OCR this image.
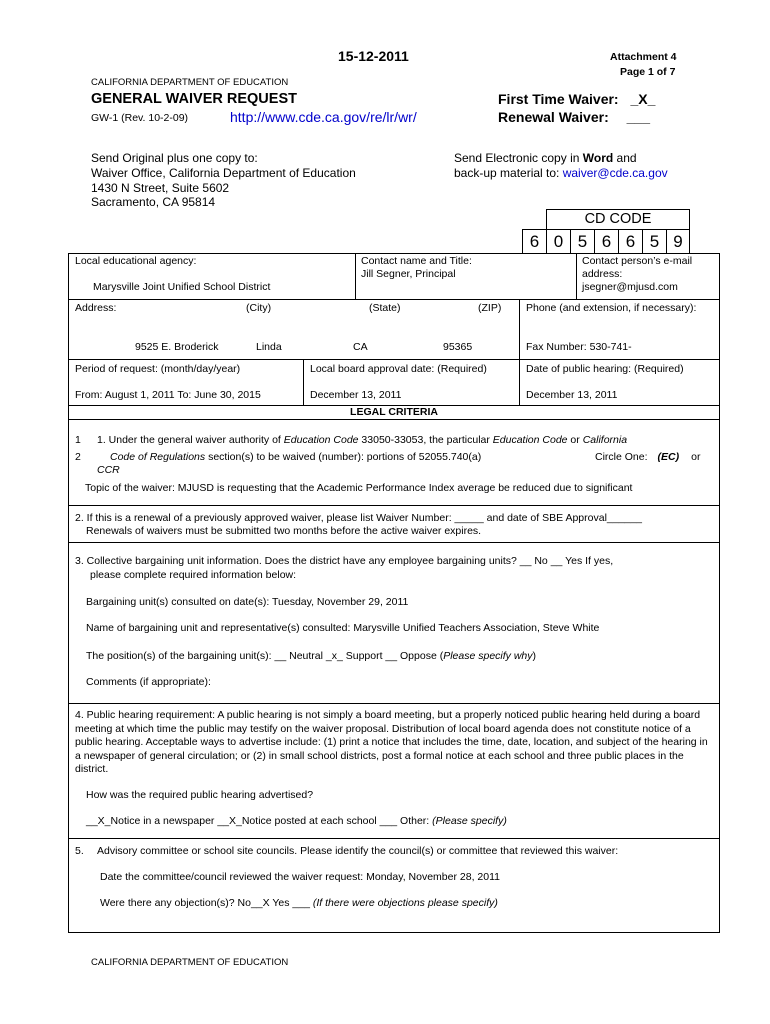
15-12-2011	Attachment 4
Page 1 of 7
CALIFORNIA DEPARTMENT OF EDUCATION
GENERAL WAIVER REQUEST
GW-1 (Rev. 10-2-09)	http://www.cde.ca.gov/re/lr/wr/
First Time Waiver: _X_
Renewal Waiver: ___
Send Original plus one copy to:
Waiver Office, California Department of Education
1430 N Street, Suite 5602
Sacramento, CA 95814
Send Electronic copy in Word and
back-up material to: waiver@cde.ca.gov
CD CODE
6 0 5 6 6 5 9
Local educational agency:
Marysville Joint Unified School District
Contact name and Title:
Jill Segner, Principal
Contact person’s e-mail
address:
jsegner@mjusd.com
Address:	(City)	(State)	(ZIP)
9525 E. Broderick	Linda	CA	95365
Phone (and extension, if necessary):
Fax Number: 530-741-
Period of request: (month/day/year)
From: August 1, 2011 To: June 30, 2015
Local board approval date: (Required)
December 13, 2011
Date of public hearing: (Required)
December 13, 2011
LEGAL CRITERIA
1
2
1. Under the general waiver authority of Education Code 33050-33053, the particular Education Code or California
Code of Regulations section(s) to be waived (number): portions of 52055.740(a)	Circle One: (EC) or
CCR
Topic of the waiver: MJUSD is requesting that the Academic Performance Index average be reduced due to significant
2. If this is a renewal of a previously approved waiver, please list Waiver Number: _____ and date of SBE Approval______
Renewals of waivers must be submitted two months before the active waiver expires.
3. Collective bargaining unit information. Does the district have any employee bargaining units? __ No __ Yes If yes,
please complete required information below:
Bargaining unit(s) consulted on date(s): Tuesday, November 29, 2011
Name of bargaining unit and representative(s) consulted: Marysville Unified Teachers Association, Steve White
The position(s) of the bargaining unit(s): __ Neutral _x_ Support __ Oppose (Please specify why)
Comments (if appropriate):
4. Public hearing requirement: A public hearing is not simply a board meeting, but a properly noticed public hearing held during a board meeting at which time the public may testify on the waiver proposal. Distribution of local board agenda does not constitute notice of a public hearing. Acceptable ways to advertise include: (1) print a notice that includes the time, date, location, and subject of the hearing in a newspaper of general circulation; or (2) in small school districts, post a formal notice at each school and three public places in the district.
How was the required public hearing advertised?
__X_Notice in a newspaper __X_Notice posted at each school ___ Other: (Please specify)
5. Advisory committee or school site councils. Please identify the council(s) or committee that reviewed this waiver:
Date the committee/council reviewed the waiver request: Monday, November 28, 2011
Were there any objection(s)? No__X Yes ___ (If there were objections please specify)
CALIFORNIA DEPARTMENT OF EDUCATION
